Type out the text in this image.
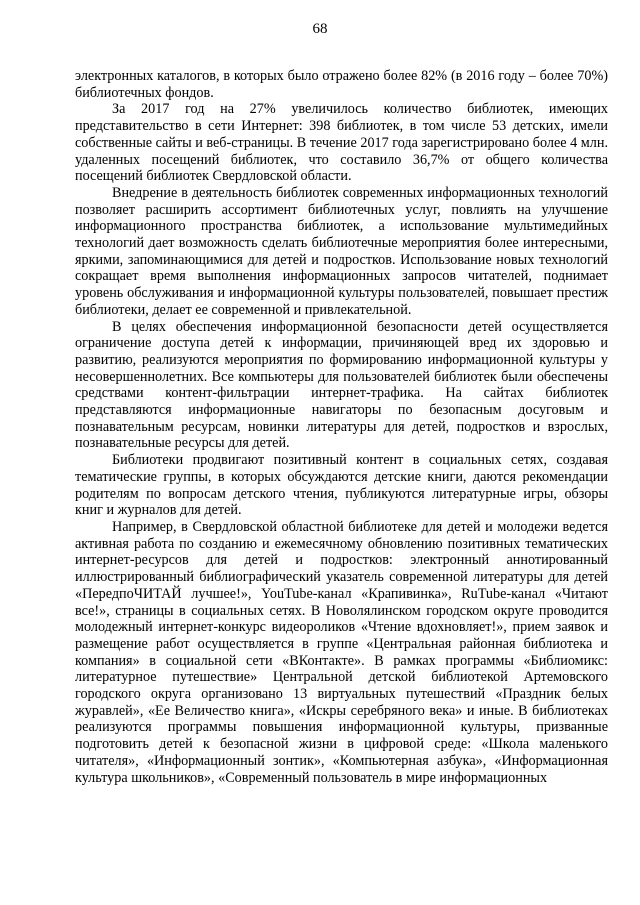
68

электронных каталогов, в которых было отражено более 82% (в 2016 году – более 70%) библиотечных фондов.

За 2017 год на 27% увеличилось количество библиотек, имеющих представительство в сети Интернет: 398 библиотек, в том числе 53 детских, имели собственные сайты и веб-страницы. В течение 2017 года зарегистрировано более 4 млн. удаленных посещений библиотек, что составило 36,7% от общего количества посещений библиотек Свердловской области.

Внедрение в деятельность библиотек современных информационных технологий позволяет расширить ассортимент библиотечных услуг, повлиять на улучшение информационного пространства библиотек, а использование мультимедийных технологий дает возможность сделать библиотечные мероприятия более интересными, яркими, запоминающимися для детей и подростков. Использование новых технологий сокращает время выполнения информационных запросов читателей, поднимает уровень обслуживания и информационной культуры пользователей, повышает престиж библиотеки, делает ее современной и привлекательной.

В целях обеспечения информационной безопасности детей осуществляется ограничение доступа детей к информации, причиняющей вред их здоровью и развитию, реализуются мероприятия по формированию информационной культуры у несовершеннолетних. Все компьютеры для пользователей библиотек были обеспечены средствами контент-фильтрации интернет-трафика. На сайтах библиотек представляются информационные навигаторы по безопасным досуговым и познавательным ресурсам, новинки литературы для детей, подростков и взрослых, познавательные ресурсы для детей.

Библиотеки продвигают позитивный контент в социальных сетях, создавая тематические группы, в которых обсуждаются детские книги, даются рекомендации родителям по вопросам детского чтения, публикуются литературные игры, обзоры книг и журналов для детей.

Например, в Свердловской областной библиотеке для детей и молодежи ведется активная работа по созданию и ежемесячному обновлению позитивных тематических интернет-ресурсов для детей и подростков: электронный аннотированный иллюстрированный библиографический указатель современной литературы для детей «ПередпоЧИТАЙ лучшее!», YouTube-канал «Крапивинка», RuTube-канал «Читают все!», страницы в социальных сетях. В Новолялинском городском округе проводится молодежный интернет-конкурс видеороликов «Чтение вдохновляет!», прием заявок и размещение работ осуществляется в группе «Центральная районная библиотека и компания» в социальной сети «ВКонтакте». В рамках программы «Библиомикс: литературное путешествие» Центральной детской библиотекой Артемовского городского округа организовано 13 виртуальных путешествий «Праздник белых журавлей», «Ее Величество книга», «Искры серебряного века» и иные. В библиотеках реализуются программы повышения информационной культуры, призванные подготовить детей к безопасной жизни в цифровой среде: «Школа маленького читателя», «Информационный зонтик», «Компьютерная азбука», «Информационная культура школьников», «Современный пользователь в мире информационных
